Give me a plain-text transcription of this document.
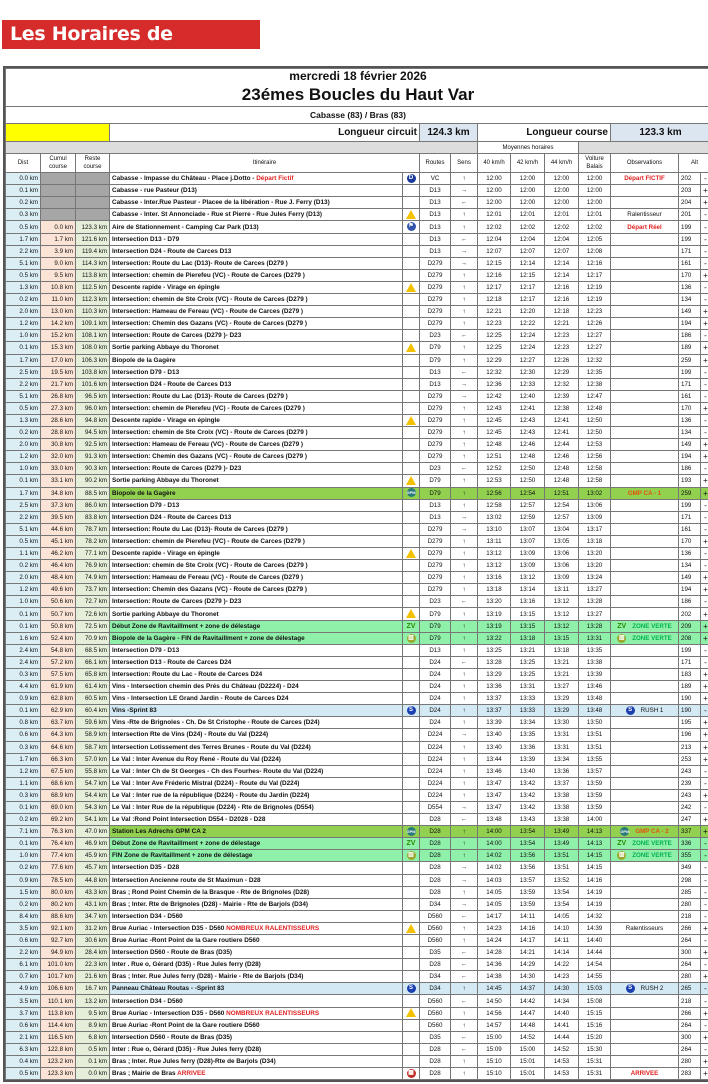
Les Horaires de Passage
mercredi 18 février 2026													
23émes Boucles du Haut Var													
Cabasse (83) / Bras (83)													
			Longueur circuit		124.3 km		Longueur course				123.3 km		
							Moyennes horaires						
Dist	Cumul course	Reste course	Itinéraire		Routes	Sens	40 km/h	42 km/h	44 km/h	Voiture Balais	Observations	Alt	
0.0 km			Cabasse - Impasse du Château - Place j.Dotto - Départ Fictif	D	VC	↑	12:00	12:00	12:00	12:00	Départ FICTIF	202	-
0.1 km			Cabasse - rue Pasteur (D13)		D13	→	12:00	12:00	12:00	12:00		203	+
0.2 km			Cabasse - Inter.Rue Pasteur - Placee de la libération - Rue J. Ferry (D13)		D13	←	12:00	12:00	12:00	12:00		204	+
0.3 km			Cabasse - Inter. St Annonciade - Rue st Pierre - Rue Jules Ferry (D13)		D13	↑	12:01	12:01	12:01	12:01	Ralentisseur	201	-
0.5 km	0.0 km	123.3 km	Aire de Stationnement - Camping Car Park (D13)	⚑	D13	↑	12:02	12:02	12:02	12:02	Départ Réel	199	-
1.7 km	1.7 km	121.6 km	Intersection D13 - D79		D13	←	12:04	12:04	12:04	12:05		199	-
2.2 km	3.9 km	119.4 km	Intersection D24 - Route de Carces D13		D13	→	12:07	12:07	12:07	12:08		171	-
5.1 km	9.0 km	114.3 km	Intersection: Route du Lac (D13)- Route de Carces (D279 )		D279	→	12:15	12:14	12:14	12:16		161	-
0.5 km	9.5 km	113.8 km	Intersection: chemin de Pierefeu (VC) - Route de Carces (D279 )		D279	↑	12:16	12:15	12:14	12:17		170	+
1.3 km	10.8 km	112.5 km	Descente rapide - Virage en épingle		D279	↑	12:17	12:17	12:16	12:19		136	-
0.2 km	11.0 km	112.3 km	Intersection: chemin de Ste Croix (VC) - Route de Carces (D279 )		D279	↑	12:18	12:17	12:16	12:19		134	-
2.0 km	13.0 km	110.3 km	Intersection: Hameau de Fereau (VC) - Route de Carces (D279 )		D279	↑	12:21	12:20	12:18	12:23		149	+
1.2 km	14.2 km	109.1 km	Intersection: Chemin des Gazans (VC) - Route de Carces (D279 )		D279	↑	12:23	12:22	12:21	12:26		194	+
1.0 km	15.2 km	108.1 km	Intersection: Route de Carces (D279 )- D23		D23	←	12:25	12:24	12:23	12:27		186	-
0.1 km	15.3 km	108.0 km	Sortie parking Abbaye du Thoronet		D79	↑	12:25	12:24	12:23	12:27		189	+
1.7 km	17.0 km	106.3 km	Biopole de la Gagère		D79	↑	12:29	12:27	12:26	12:32		259	+
2.5 km	19.5 km	103.8 km	Intersection D79 - D13		D13	←	12:32	12:30	12:29	12:35		199	-
2.2 km	21.7 km	101.6 km	Intersection D24 - Route de Carces D13		D13	→	12:36	12:33	12:32	12:38		171	-
5.1 km	26.8 km	96.5 km	Intersection: Route du Lac (D13)- Route de Carces (D279 )		D279	→	12:42	12:40	12:39	12:47		161	-
0.5 km	27.3 km	96.0 km	Intersection: chemin de Pierefeu (VC) - Route de Carces (D279 )		D279	↑	12:43	12:41	12:38	12:48		170	+
1.3 km	28.6 km	94.8 km	Descente rapide - Virage en épingle		D279	↑	12:45	12:43	12:41	12:50		136	-
0.2 km	28.8 km	94.5 km	Intersection: chemin de Ste Croix (VC) - Route de Carces (D279 )		D279	↑	12:45	12:43	12:41	12:50		134	-
2.0 km	30.8 km	92.5 km	Intersection: Hameau de Fereau (VC) - Route de Carces (D279 )		D279	↑	12:48	12:46	12:44	12:53		149	+
1.2 km	32.0 km	91.3 km	Intersection: Chemin des Gazans (VC) - Route de Carces (D279 )		D279	↑	12:51	12:48	12:46	12:56		194	+
1.0 km	33.0 km	90.3 km	Intersection: Route de Carces (D279 )- D23		D23	←	12:52	12:50	12:48	12:58		186	-
0.1 km	33.1 km	90.2 km	Sortie parking Abbaye du Thoronet		D79	↑	12:53	12:50	12:48	12:58		193	+
1.7 km	34.8 km	88.5 km	Biopole de la Gagère	GPM	D79	↑	12:56	12:54	12:51	13:02	GMP CA - 1	259	+
2.5 km	37.3 km	86.0 km	Intersection D79 - D13		D13	↑	12:58	12:57	12:54	13:06		199	-
2.2 km	39.5 km	83.8 km	Intersection D24 - Route de Carces D13		D13	→	13:02	12:59	12:57	13:09		171	-
5.1 km	44.6 km	78.7 km	Intersection: Route du Lac (D13)- Route de Carces (D279 )		D279	→	13:10	13:07	13:04	13:17		161	-
0.5 km	45.1 km	78.2 km	Intersection: chemin de Pierefeu (VC) - Route de Carces (D279 )		D279	↑	13:11	13:07	13:05	13:18		170	+
1.1 km	46.2 km	77.1 km	Descente rapide - Virage en épingle		D279	↑	13:12	13:09	13:06	13:20		136	-
0.2 km	46.4 km	76.9 km	Intersection: chemin de Ste Croix (VC) - Route de Carces (D279 )		D279	↑	13:12	13:09	13:06	13:20		134	-
2.0 km	48.4 km	74.9 km	Intersection: Hameau de Fereau (VC) - Route de Carces (D279 )		D279	↑	13:16	13:12	13:09	13:24		149	+
1.2 km	49.6 km	73.7 km	Intersection: Chemin des Gazans (VC) - Route de Carces (D279 )		D279	↑	13:18	13:14	13:11	13:27		194	+
1.0 km	50.6 km	72.7 km	Intersection: Route de Carces (D279 )- D23		D23	←	13:20	13:16	13:12	13:28		186	-
0.1 km	50.7 km	72.6 km	Sortie parking Abbaye du Thoronet		D79	↑	13:19	13:15	13:12	13:27		202	+
0.1 km	50.8 km	72.5 km	Début Zone de Ravitaillment + zone de délestage	ZV	D79	↑	13:19	13:15	13:12	13:28	ZV ZONE VERTE	209	+
1.6 km	52.4 km	70.9 km	Biopole de la Gagère - FIN de Ravitaillment + zone de délestage	▥	D79	↑	13:22	13:18	13:15	13:31	▥ ZONE VERTE	208	+
2.4 km	54.8 km	68.5 km	Intersection D79 - D13		D13	↑	13:25	13:21	13:18	13:35		199	-
2.4 km	57.2 km	66.1 km	Intersection D13 - Route de Carces D24		D24	←	13:28	13:25	13:21	13:38		171	-
0.3 km	57.5 km	65.8 km	Intersection: Route du Lac - Route de Carces D24		D24	↑	13:29	13:25	13:21	13:39		183	+
4.4 km	61.9 km	61.4 km	Vins - Intersection chemin des Prés du Château (D2224) - D24		D24	↑	13:36	13:31	13:27	13:46		189	+
0.9 km	62.8 km	60.5 km	Vins - Intersection LE Grand Jardin - Route de Carces D24		D24	↑	13:37	13:33	13:29	13:48		190	+
0.1 km	62.9 km	60.4 km	Vins -Sprint 83	S	D24	↑	13:37	13:33	13:29	13:48	S RUSH 1	190	-
0.8 km	63.7 km	59.6 km	Vins -Rte de Brignoles - Ch. De St Cristophe - Route de Carces (D24)		D24	↑	13:39	13:34	13:30	13:50		195	+
0.6 km	64.3 km	58.9 km	Intersection Rte de Vins (D24) - Route du Val (D224)		D224	→	13:40	13:35	13:31	13:51		196	+
0.3 km	64.6 km	58.7 km	Intersection Lotissement des Terres Brunes - Route du Val (D224)		D224	↑	13:40	13:36	13:31	13:51		213	+
1.7 km	66.3 km	57.0 km	Le Val : Inter Avenue du Roy René - Route du Val (D224)		D224	↑	13:44	13:39	13:34	13:55		253	+
1.2 km	67.5 km	55.8 km	Le Val : Inter Ch de St Georges - Ch des Fourhes- Route du Val (D224)		D224	↑	13:46	13:40	13:36	13:57		243	-
1.1 km	68.6 km	54.7 km	Le Val : Inter Ave Fréderic Mistral (D224) - Route du Val (D224)		D224	↑	13:47	13:42	13:37	13:59		239	-
0.3 km	68.9 km	54.4 km	Le Val : Inter rue de la république (D224) - Route du Jardin (D224)		D224	↑	13:47	13:42	13:38	13:59		243	+
0.1 km	69.0 km	54.3 km	Le Val : Inter Rue de la république (D224) - Rte de Brignoles (D554)		D554	→	13:47	13:42	13:38	13:59		242	-
0.2 km	69.2 km	54.1 km	Le Val :Rond Point Intersection D554 - D2028 - D28		D28	←	13:48	13:43	13:38	14:00		247	+
7.1 km	76.3 km	47.0 km	Station Les Adrechs GPM CA 2	GPM	D28	↑	14:00	13:54	13:49	14:13	GPM GMP CA - 2	337	+
0.1 km	76.4 km	46.9 km	Début Zone de Ravitaillment + zone de délestage	ZV	D28	↑	14:00	13:54	13:49	14:13	ZV ZONE VERTE	336	-
1.0 km	77.4 km	45.9 km	FIN Zone de Ravitaillment + zone de délestage	▥	D28	↑	14:02	13:56	13:51	14:15	▥ ZONE VERTE	355	-
0.2 km	77.6 km	45.7 km	Intersection D35 - D28		D28	→	14:02	13:56	13:51	14:15		349	-
0.9 km	78.5 km	44.8 km	Intersection Ancienne route de St Maximun - D28		D28	→	14:03	13:57	13:52	14:16		298	-
1.5 km	80.0 km	43.3 km	Bras ; Rond Point Chemin de la Brasque - Rte de Brignoles (D28)		D28	↑	14:05	13:59	13:54	14:19		285	-
0.2 km	80.2 km	43.1 km	Bras ; Inter. Rte de Brignoles (D28) - Mairie - Rte de Barjols (D34)		D34	→	14:05	13:59	13:54	14:19		280	-
8.4 km	88.6 km	34.7 km	Intersection D34 - D560		D560	←	14:17	14:11	14:05	14:32		218	-
3.5 km	92.1 km	31.2 km	Brue Auriac - Intersection D35 - D560 NOMBREUX RALENTISSEURS		D560	↑	14:23	14:16	14:10	14:39	Ralentisseurs	266	+
0.6 km	92.7 km	30.6 km	Brue Auriac -Ront Point de la Gare routiere D560		D560	↑	14:24	14:17	14:11	14:40		264	-
2.2 km	94.9 km	28.4 km	Intersection D560 - Route de Bras (D35)		D35	←	14:28	14:21	14:14	14:44		300	+
6.1 km	101.0 km	22.3 km	Inter . Rue o, Gérard (D35) - Rue Jules ferry (D28)		D28	←	14:36	14:29	14:22	14:54		264	-
0.7 km	101.7 km	21.6 km	Bras ; Inter. Rue Jules ferry (D28) - Mairie - Rte de Barjols (D34)		D34	←	14:38	14:30	14:23	14:55		280	+
4.9 km	106.6 km	16.7 km	Panneau Château Routas - -Sprint 83	S	D34	↑	14:45	14:37	14:30	15:03	S RUSH 2	265	-
3.5 km	110.1 km	13.2 km	Intersection D34 - D560		D560	←	14:50	14:42	14:34	15:08		218	-
3.7 km	113.8 km	9.5 km	Brue Auriac - Intersection D35 - D560 NOMBREUX RALENTISSEURS		D560	↑	14:56	14:47	14:40	15:15		266	+
0.6 km	114.4 km	8.9 km	Brue Auriac -Ront Point de la Gare routiere D560		D560	↑	14:57	14:48	14:41	15:16		264	-
2.1 km	116.5 km	6.8 km	Intersection D560 - Route de Bras (D35)		D35	←	15:00	14:52	14:44	15:20		300	+
6.3 km	122.8 km	0.5 km	Inter : Rue o, Gérard (D35) - Rue Jules ferry (D28)		D28	←	15:09	15:00	14:52	15:30		264	-
0.4 km	123.2 km	0.1 km	Bras ; Inter. Rue Jules ferry (D28)-Rte de Barjols (D34)		D28	↑	15:10	15:01	14:53	15:31		280	+
0.5 km	123.3 km	0.0 km	Bras ; Mairie de Bras ARRIVEE	▦	D28	↑	15:10	15:01	14:53	15:31	ARRIVEE	283	+
